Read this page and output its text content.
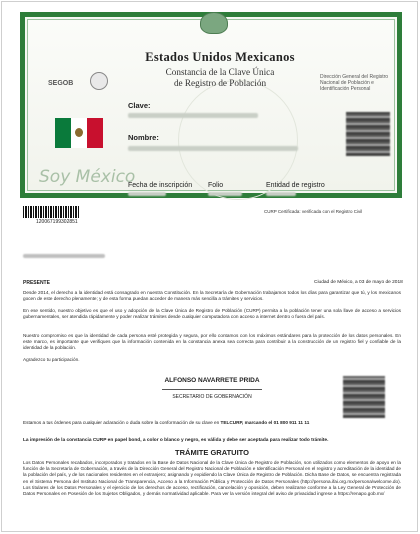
Estados Unidos Mexicanos
Constancia de la Clave Única
de Registro de Población
SEGOB
Dirección General del Registro Nacional de Población e Identificación Personal
Clave:
Nombre:
Soy México
Fecha de inscripción Folio	Entidad de registro
120067199302851
CURP Certificada: verificada con el Registro Civil
PRESENTE	Ciudad de México, a 03 de mayo de 2018
Desde 2014, el derecho a la identidad está consagrado en nuestra Constitución. En la Secretaría de Gobernación trabajamos todos los días para garantizar que tú, y los mexicanos gocen de este derecho plenamente; y de esta forma puedan acceder de manera más sencilla a trámites y servicios.
En ese sentido, nuestro objetivo es que el uso y adopción de la Clave Única de Registro de Población (CURP) permita a la población tener una sola llave de acceso a servicios gubernamentales, ser atendida rápidamente y poder realizar trámites desde cualquier computadora con acceso a internet dentro o fuera del país.
Nuestro compromiso es que la identidad de cada persona esté protegida y segura, por ello contamos con los máximos estándares para la protección de los datos personales. En este marco, es importante que verifiques que la información contenida en la constancia anexa sea correcta para contribuir a la construcción de un registro fiel y confiable de la identidad de la población.
Agradezco tu participación.
ALFONSO NAVARRETE PRIDA
SECRETARIO DE GOBERNACIÓN
Estamos a tus órdenes para cualquier aclaración o duda sobre la conformación de su clave en TELCURP, marcando el 01 800 911 11 11
La impresión de la constancia CURP en papel bond, a color o blanco y negro, es válida y debe ser aceptada para realizar todo trámite.
TRÁMITE GRATUITO
Los Datos Personales recabados, incorporados y tratados en la Base de Datos Nacional de la Clave Única de Registro de Población, son utilizados como elementos de apoyo en la función de la Secretaría de Gobernación, a través de la Dirección General del Registro Nacional de Población e Identificación Personal en el registro y acreditación de la identidad de la población del país, y de los nacionales residentes en el extranjero; asignando y expidiendo la Clave Única de Registro de Población. Dicha Base de Datos, se encuentra registrada en el Sistema Persona del Instituto Nacional de Transparencia, Acceso a la Información Pública y Protección de Datos Personales (http://persona.ifai.org.mx/persona/welcome.do). Los titulares de los Datos Personales y el ejercicio de los derechos de acceso, rectificación, cancelación y oposición, deben realizarse conforme a la Ley General de Protección de Datos Personales en Posesión de los Sujetos Obligados, y demás normatividad aplicable. Para ver la versión integral del aviso de privacidad ingrese a https://renapo.gob.mx/
